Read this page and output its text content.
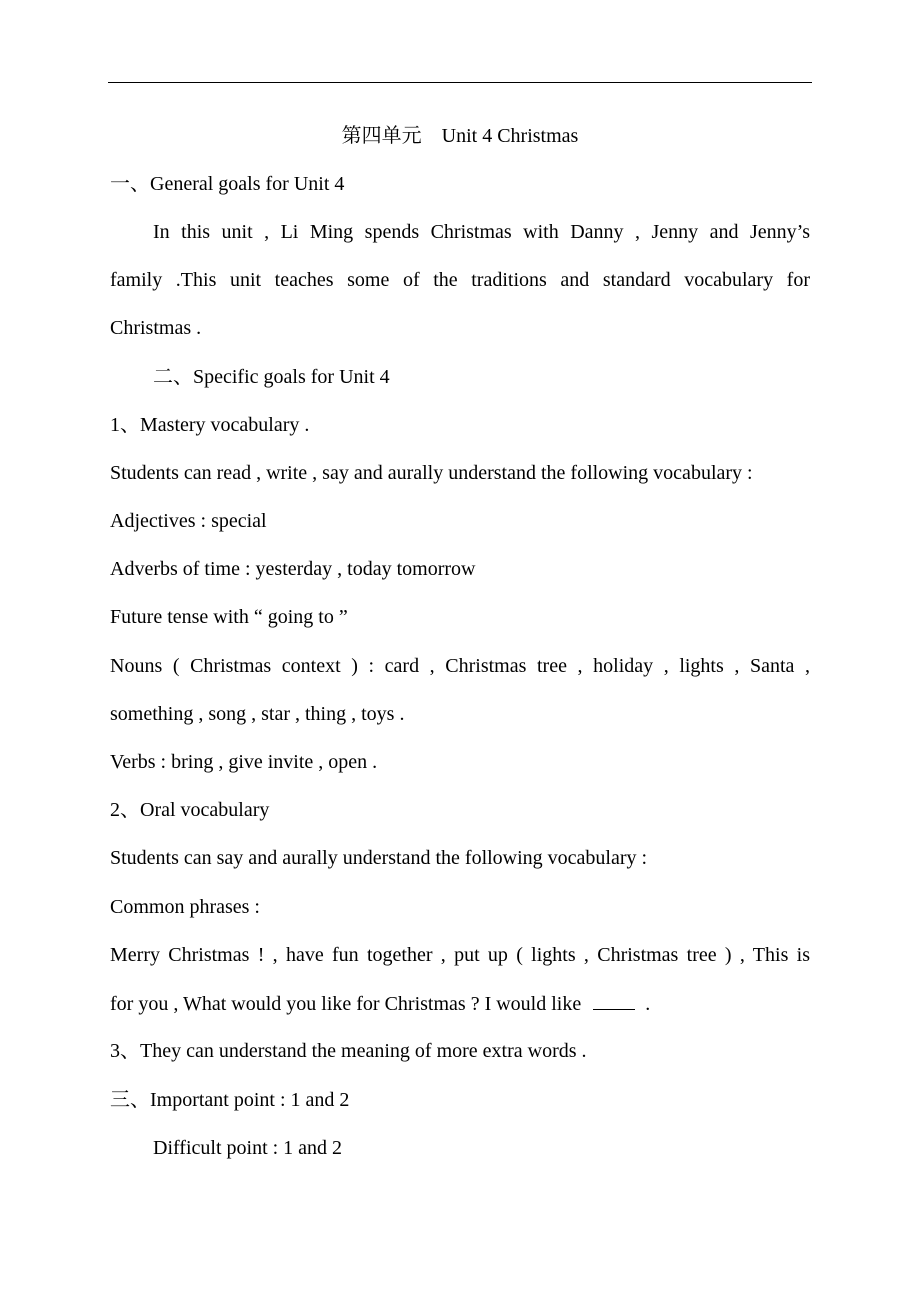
第四单元 Unit 4 Christmas
一、General goals for Unit 4
In this unit , Li Ming spends Christmas with Danny , Jenny and Jenny’s
family .This unit teaches some of the traditions and standard vocabulary for
Christmas .
二、Specific goals for Unit 4
1、Mastery vocabulary .
Students can read , write , say and aurally understand the following vocabulary :
Adjectives : special
Adverbs of time : yesterday , today tomorrow
Future tense with “ going to ”
Nouns ( Christmas context ) : card , Christmas tree , holiday , lights , Santa ,
something , song , star , thing , toys .
Verbs : bring , give invite , open .
2、Oral vocabulary
Students can say and aurally understand the following vocabulary :
Common phrases :
Merry Christmas ! , have fun together , put up ( lights , Christmas tree ) , This is
for you , What would you like for Christmas ? I would like	.
3、They can understand the meaning of more extra words .
三、Important point : 1 and 2
Difficult point : 1 and 2
